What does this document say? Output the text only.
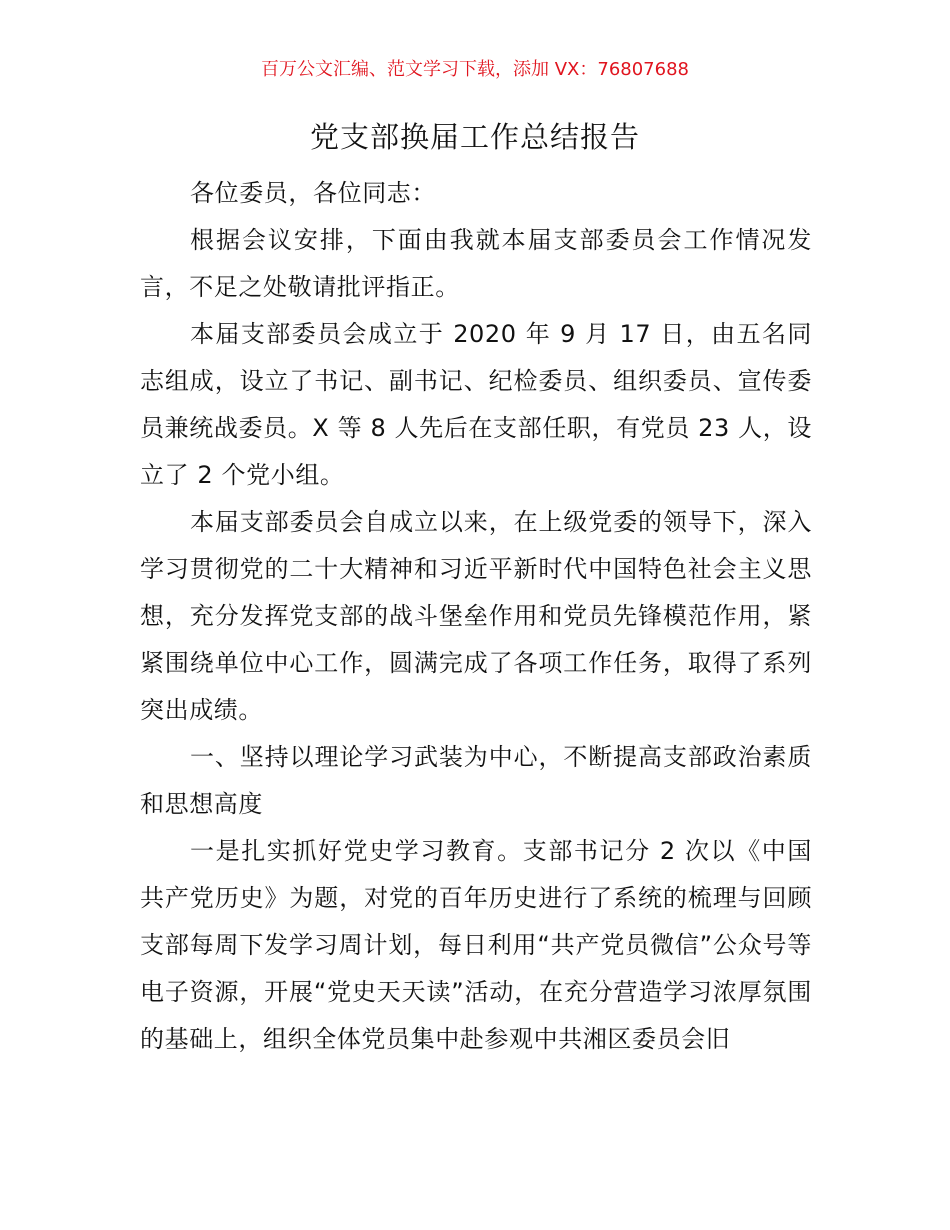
百万公文汇编、范文学习下载，添加 VX：76807688
党支部换届工作总结报告

各位委员，各位同志：

根据会议安排，下面由我就本届支部委员会工作情况发言，不足之处敬请批评指正。

本届支部委员会成立于 2020 年 9 月 17 日，由五名同志组成，设立了书记、副书记、纪检委员、组织委员、宣传委员兼统战委员。X 等 8 人先后在支部任职，有党员 23 人，设立了 2 个党小组。

本届支部委员会自成立以来，在上级党委的领导下，深入学习贯彻党的二十大精神和习近平新时代中国特色社会主义思想，充分发挥党支部的战斗堡垒作用和党员先锋模范作用，紧紧围绕单位中心工作，圆满完成了各项工作任务，取得了系列突出成绩。

一、坚持以理论学习武装为中心，不断提高支部政治素质和思想高度

一是扎实抓好党史学习教育。支部书记分 2 次以《中国共产党历史》为题，对党的百年历史进行了系统的梳理与回顾支部每周下发学习周计划，每日利用“共产党员微信”公众号等电子资源，开展“党史天天读”活动，在充分营造学习浓厚氛围的基础上，组织全体党员集中赴参观中共湘区委员会旧
